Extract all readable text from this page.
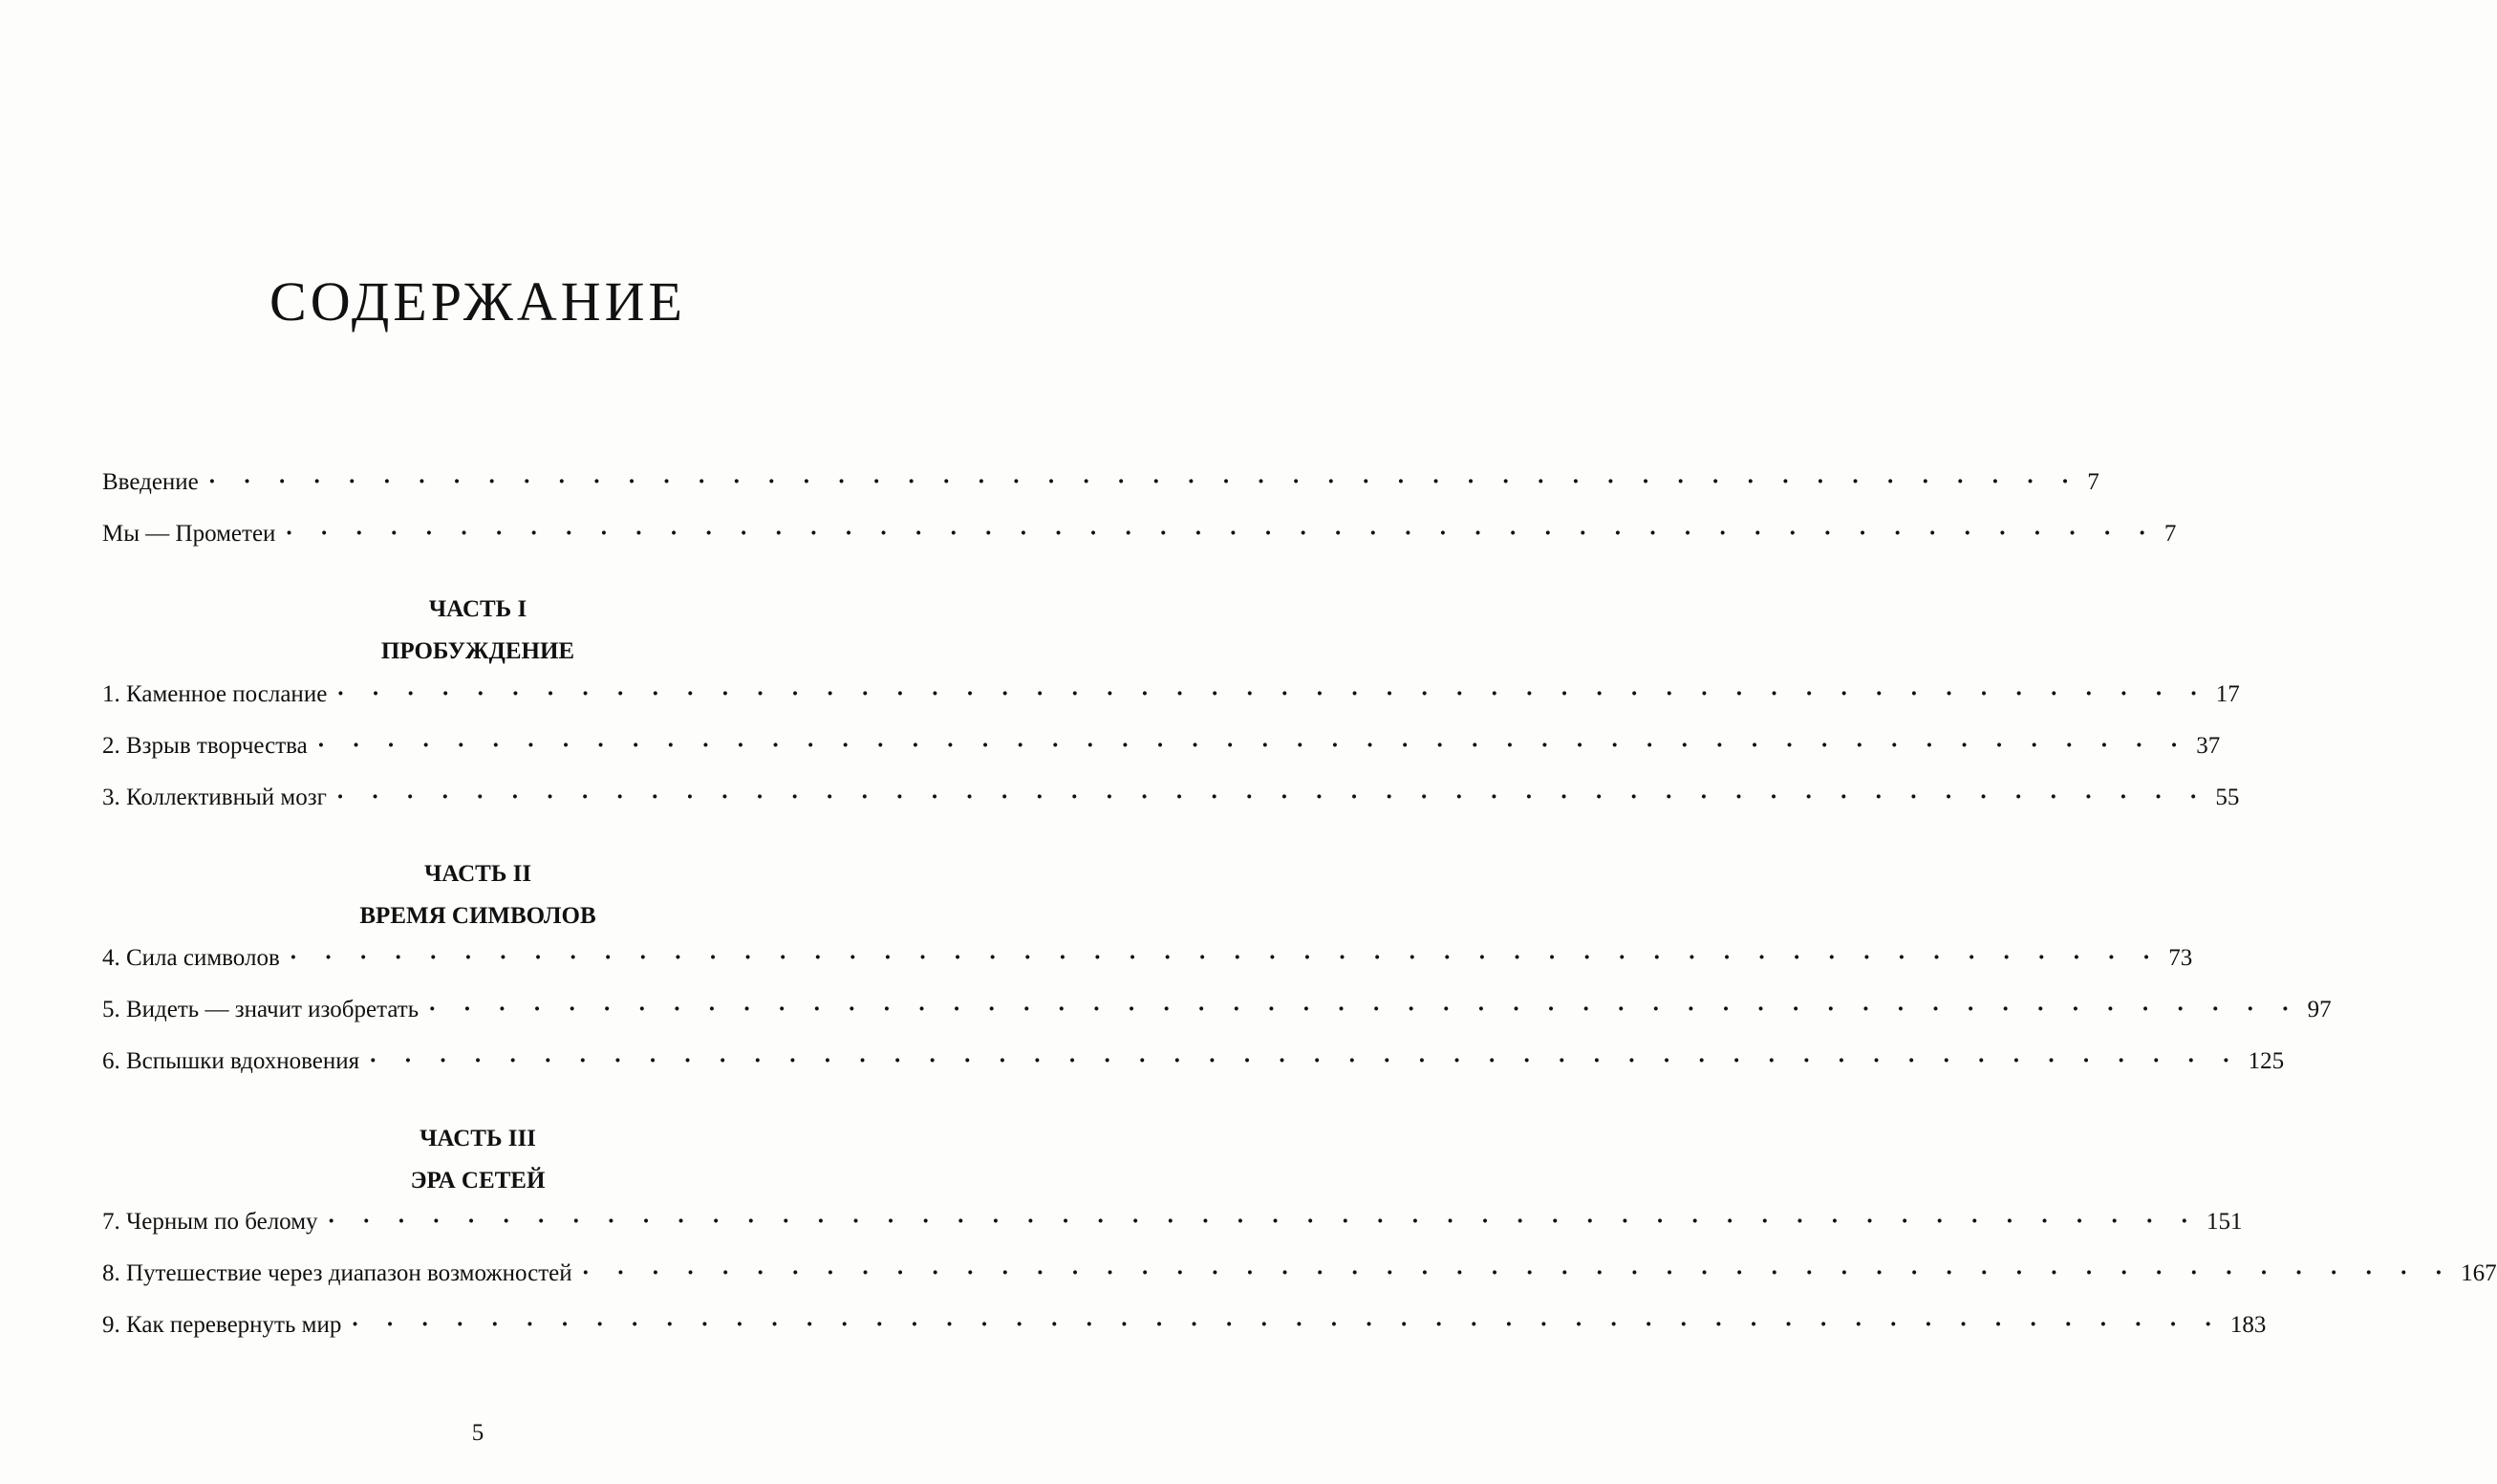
СОДЕРЖАНИЕ
Введение · · · · · · · · · · · · · · · · · · · · · · · · · · · · · · · · · · · · · · · · · · · · · · · · · · · · · · 7
Мы — Прометеи · · · · · · · · · · · · · · · · · · · · · · · · · · · · · · · · · · · · · · · · · · · · · · · · · · · · · · 7
ЧАСТЬ I
ПРОБУЖДЕНИЕ
1. Каменное послание · · · · · · · · · · · · · · · · · · · · · · · · · · · · · · · · · · · · · · · · · · · · · · · · · · · · · · 17
2. Взрыв творчества · · · · · · · · · · · · · · · · · · · · · · · · · · · · · · · · · · · · · · · · · · · · · · · · · · · · · · 37
3. Коллективный мозг · · · · · · · · · · · · · · · · · · · · · · · · · · · · · · · · · · · · · · · · · · · · · · · · · · · · · · 55
ЧАСТЬ II
ВРЕМЯ СИМВОЛОВ
4. Сила символов · · · · · · · · · · · · · · · · · · · · · · · · · · · · · · · · · · · · · · · · · · · · · · · · · · · · · · 73
5. Видеть — значит изобретать · · · · · · · · · · · · · · · · · · · · · · · · · · · · · · · · · · · · · · · · · · · · · · · · · · · · · · 97
6. Вспышки вдохновения · · · · · · · · · · · · · · · · · · · · · · · · · · · · · · · · · · · · · · · · · · · · · · · · · · · · · · 125
ЧАСТЬ III
ЭРА СЕТЕЙ
7. Черным по белому · · · · · · · · · · · · · · · · · · · · · · · · · · · · · · · · · · · · · · · · · · · · · · · · · · · · · · 151
8. Путешествие через диапазон возможностей · · · · · · · · · · · · · · · · · · · · · · · · · · · · · · · · · · · · · · · · · · · · · · · · · · · · · · 167
9. Как перевернуть мир · · · · · · · · · · · · · · · · · · · · · · · · · · · · · · · · · · · · · · · · · · · · · · · · · · · · · · 183
5
